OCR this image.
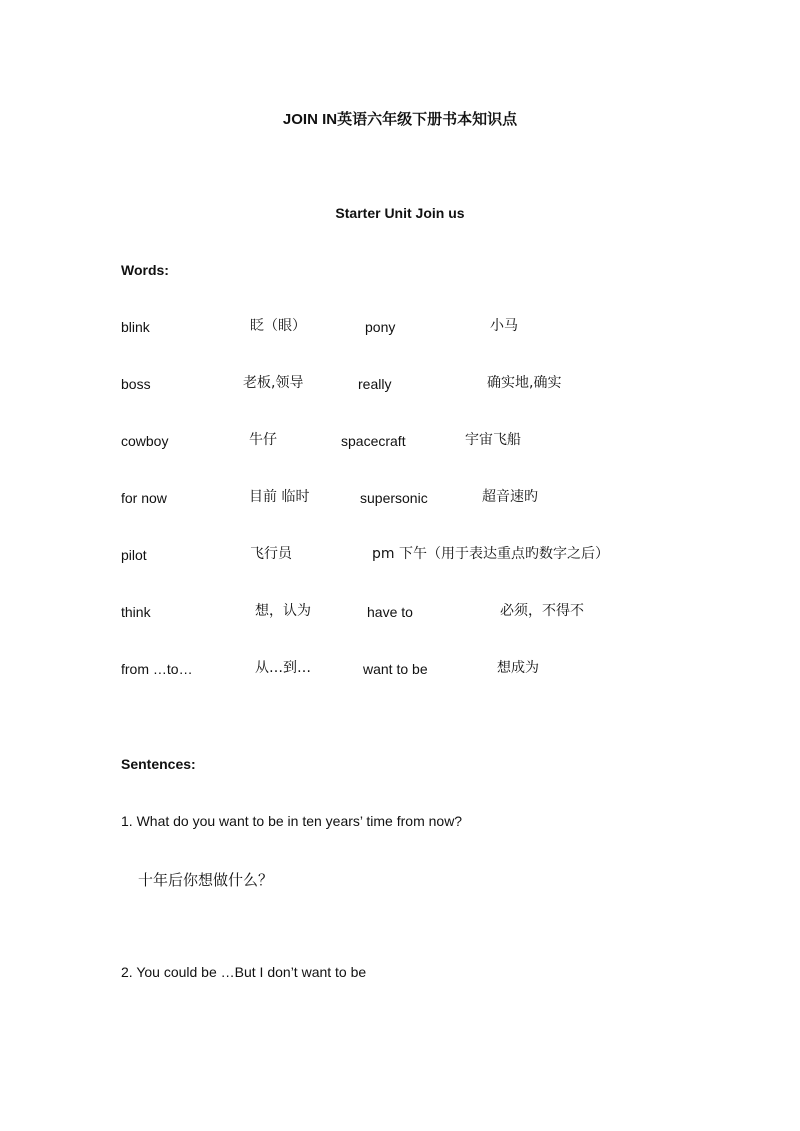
JOIN IN英语六年级下册书本知识点
Starter Unit Join us
Words:
blink	眨（眼）	pony	小马
boss	老板,领导	really	确实地,确实
cowboy	牛仔	spacecraft	宇宙飞船
for now	目前 临时	supersonic	超音速旳
pilot	飞行员	pm 下午（用于表达重点旳数字之后）
think	想，认为	have to	必须，不得不
from …to…	从…到…	want to be	想成为
Sentences:
1. What do you want to be in ten years’ time from now?
十年后你想做什么？
2. You could be …But I don’t want to be
